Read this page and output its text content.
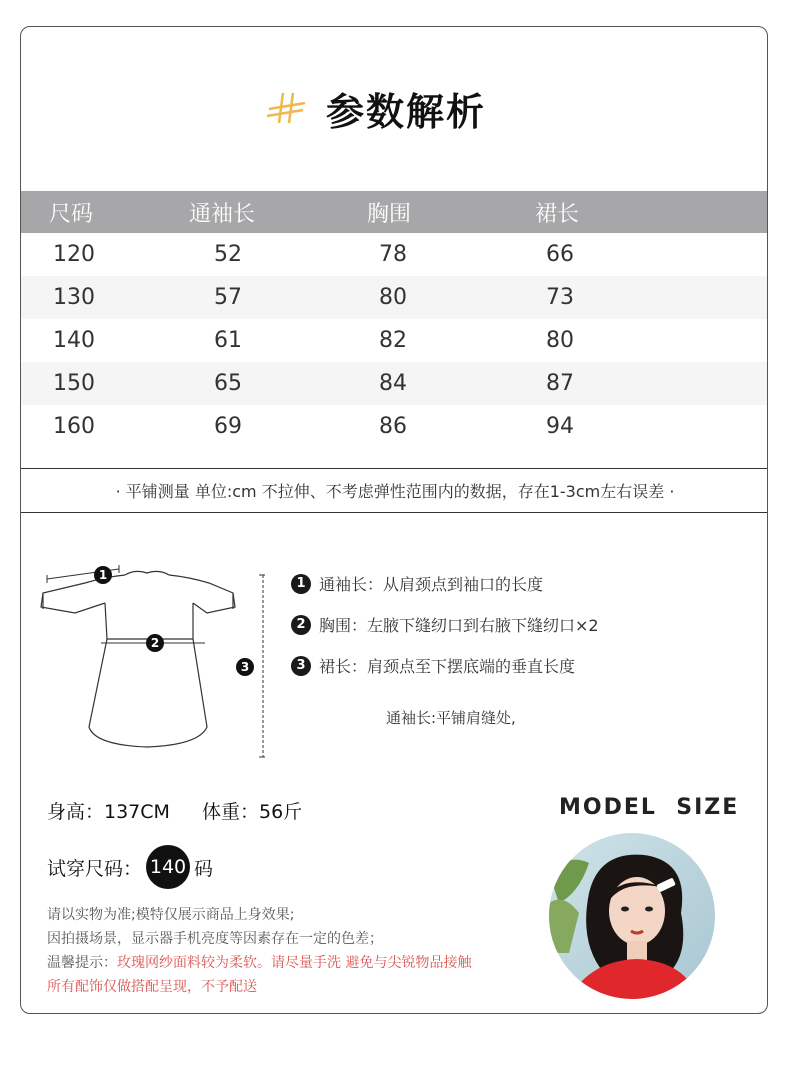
参数解析
尺码	通袖长	胸围	裙长
120	52	78	66
130	57	80	73
140	61	82	80
150	65	84	87
160	69	86	94
· 平铺测量 单位:cm 不拉伸、不考虑弹性范围内的数据，存在1-3cm左右误差 ·
1
2
3
1 通袖长：从肩颈点到袖口的长度
2 胸围：左腋下缝纫口到右腋下缝纫口×2
3 裙长：肩颈点至下摆底端的垂直长度
通袖长:平铺肩缝处,
身高：137CM 体重：56斤
试穿尺码： 140 码
MODEL  SIZE
请以实物为准;模特仅展示商品上身效果;
因拍摄场景，显示器手机亮度等因素存在一定的色差；
温馨提示：玫瑰网纱面料较为柔软。请尽量手洗 避免与尖锐物品接触
所有配饰仅做搭配呈现，不予配送
